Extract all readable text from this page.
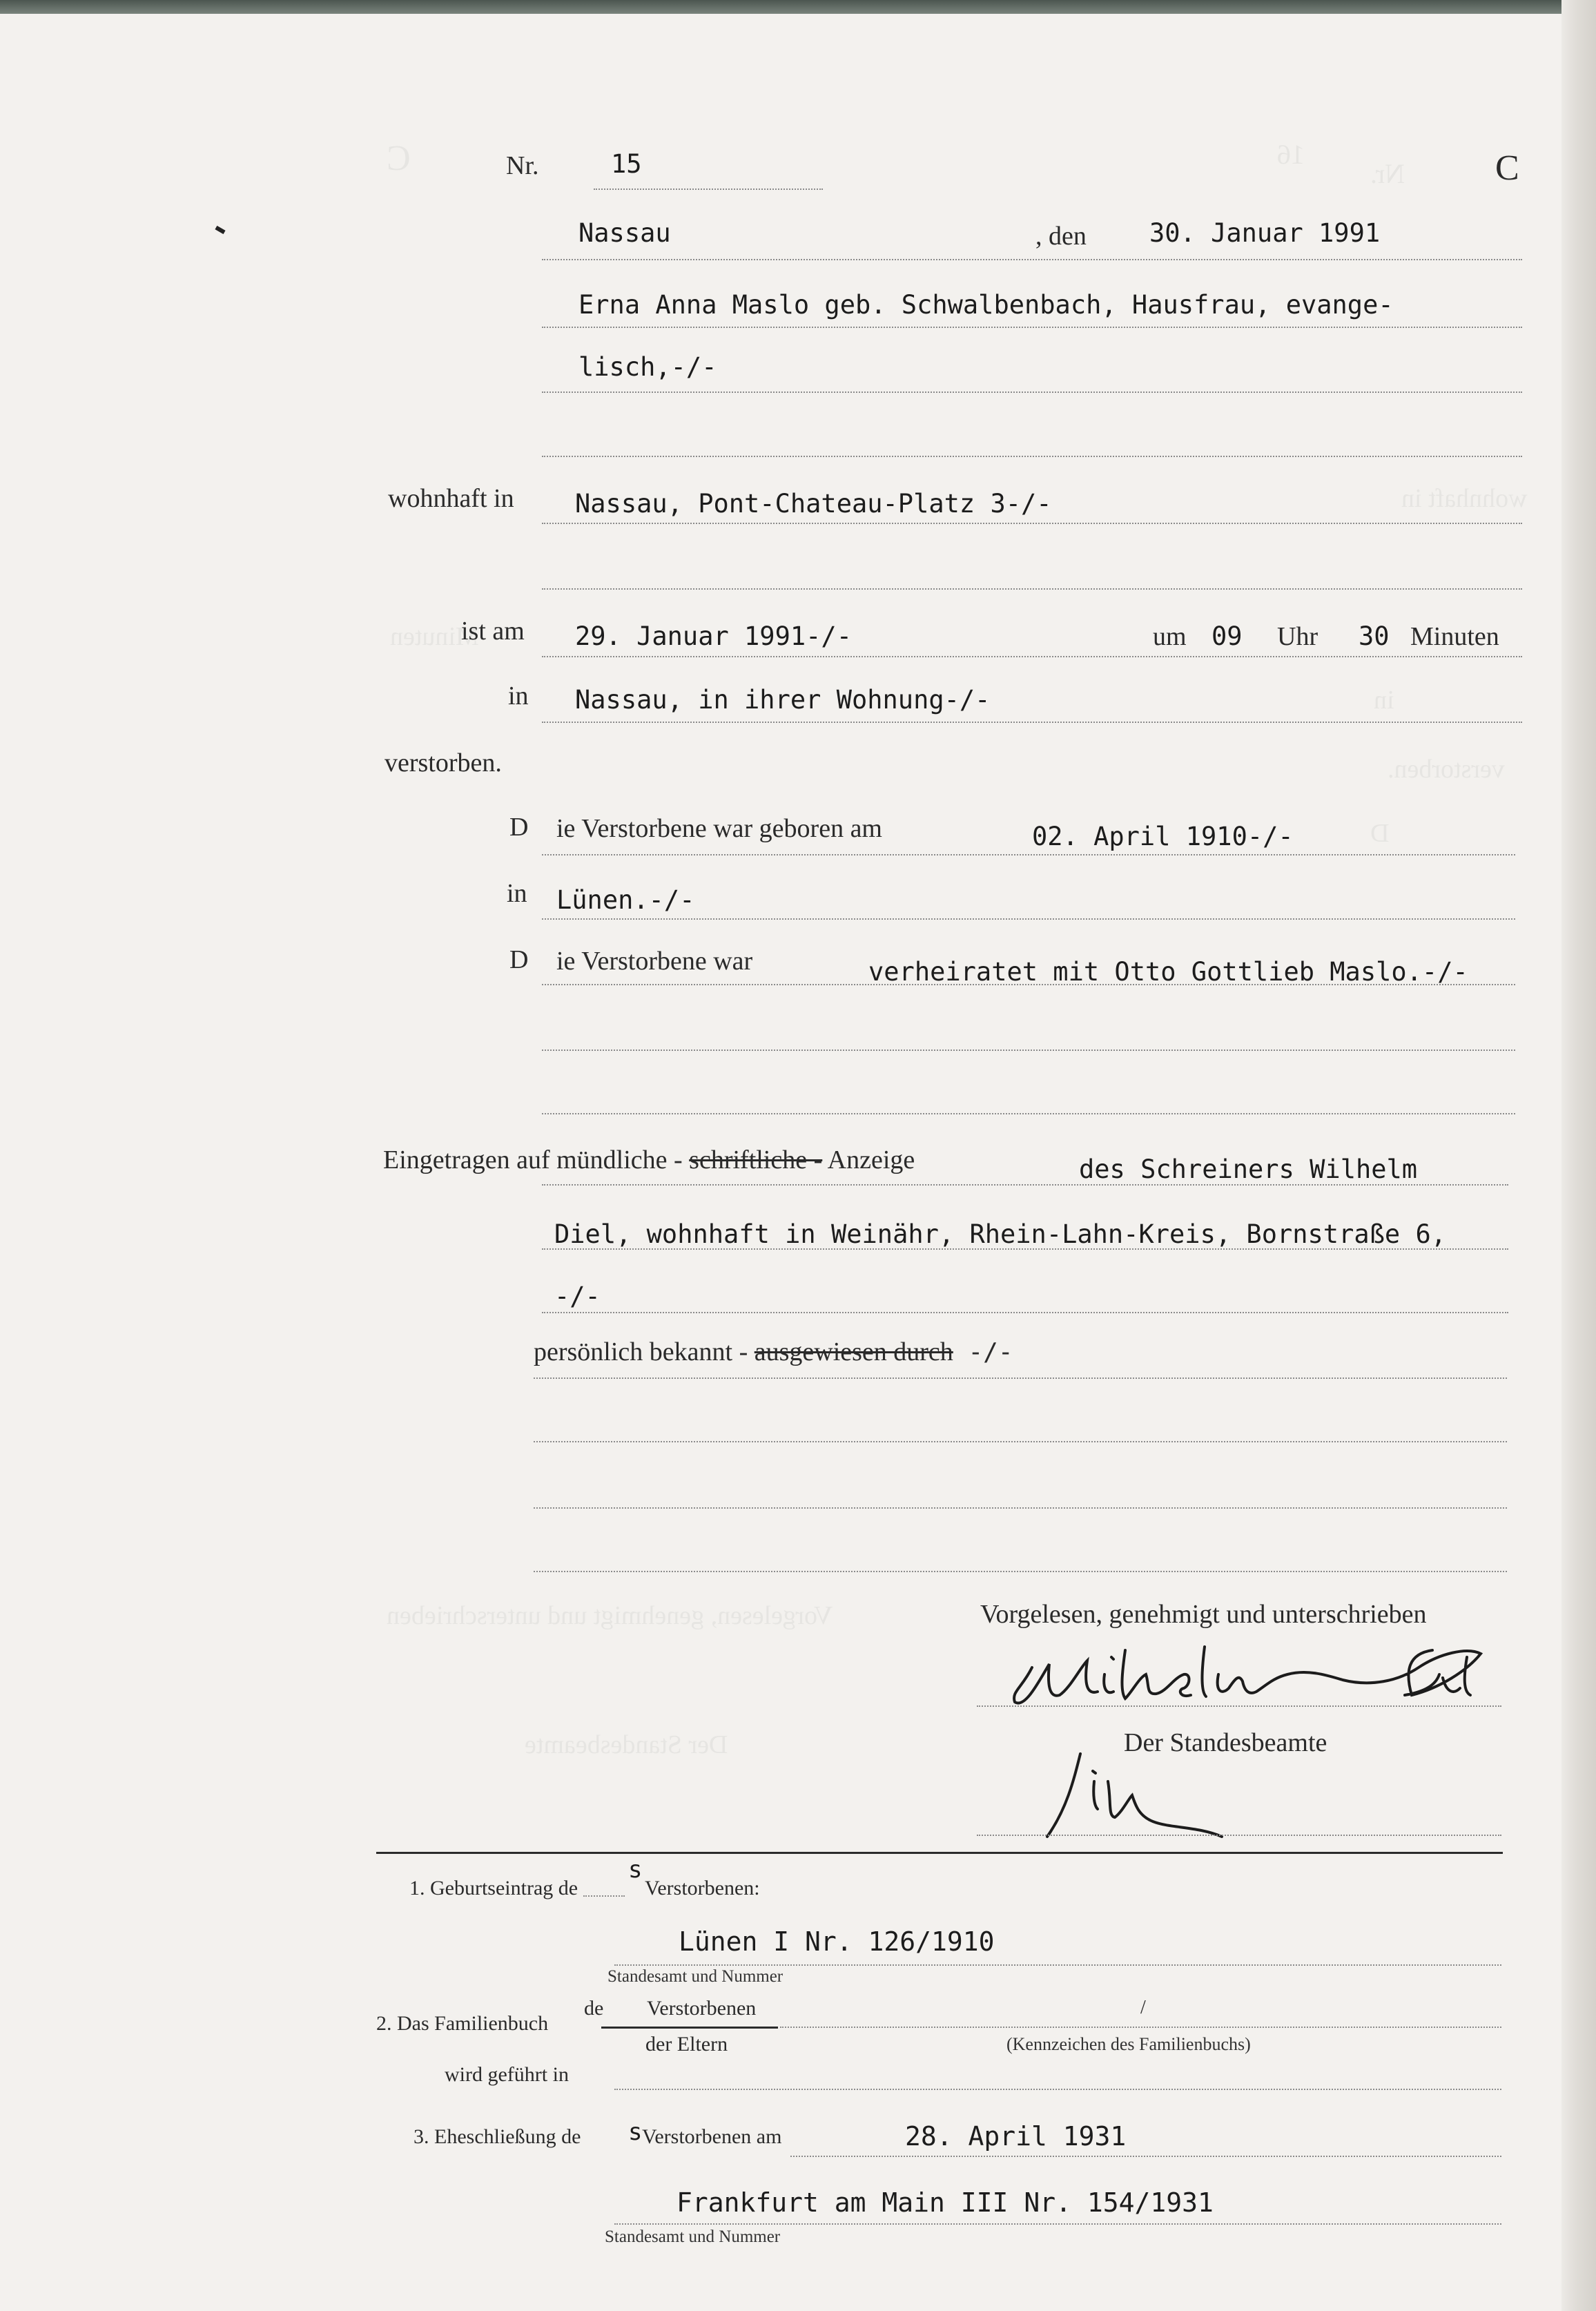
Nr.
16
C
wohnhaft in
Minuten
in
verstorben.
D
Vorgelesen, genehmigt und unterschrieben
Der Standesbeamte
C
Nr.	15
Nassau	, den 30. Januar 1991
Erna Anna Maslo geb. Schwalbenbach, Hausfrau, evange-
lisch,-/-
wohnhaft in Nassau, Pont-Chateau-Platz 3-/-
ist am 29. Januar 1991-/-	um 09 Uhr 30 Minuten
in Nassau, in ihrer Wohnung-/-
verstorben.
D ie Verstorbene war geboren am	02. April 1910-/-
in Lünen.-/-
D ie Verstorbene war	verheiratet mit Otto Gottlieb Maslo.-/-
Eingetragen auf mündliche - schriftliche - Anzeige	des Schreiners Wilhelm
Diel, wohnhaft in Weinähr, Rhein-Lahn-Kreis, Bornstraße 6,
-/-
persönlich bekannt - ausgewiesen durch -/-
Vorgelesen, genehmigt und unterschrieben
Der Standesbeamte
1. Geburtseintrag de
s
Verstorbenen:
Lünen I Nr. 126/1910
Standesamt und Nummer
2. Das Familienbuch
de Verstorbenen	/
der Eltern	(Kennzeichen des Familienbuchs)
wird geführt in
3. Eheschließung de s Verstorbenen am	28. April 1931
Frankfurt am Main III Nr. 154/1931
Standesamt und Nummer
